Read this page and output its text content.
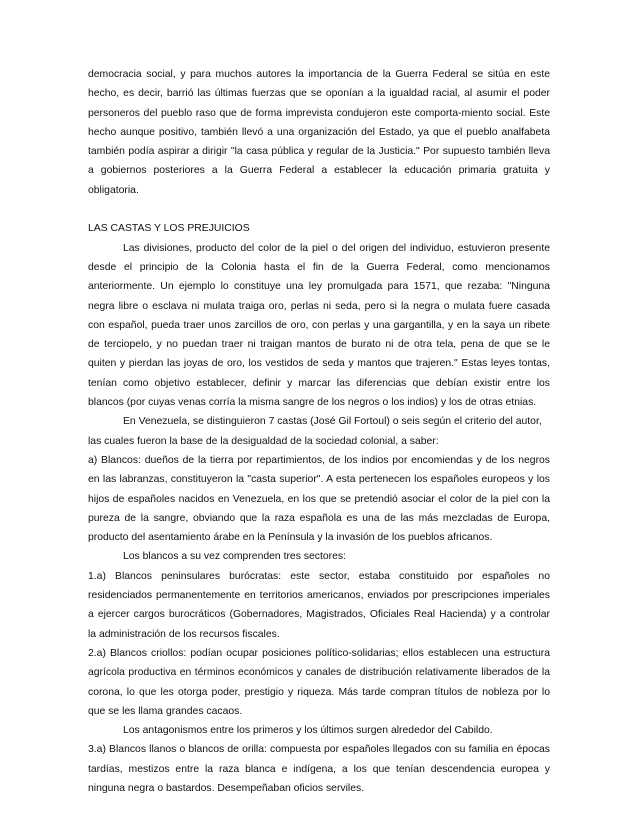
democracia social, y para muchos autores la importancia de la Guerra Federal se sitúa en este
hecho, es decir, barrió las últimas fuerzas que se oponían a la igualdad racial, al asumir el poder
personeros del pueblo raso que de forma imprevista condujeron este comporta-miento social. Este
hecho aunque positivo, también llevó a una organización del Estado, ya que el pueblo analfabeta
también podía aspirar a dirigir "la casa pública y regular de la Justicia." Por supuesto también lleva
a gobiernos posteriores a la Guerra Federal a establecer la educación primaria gratuita y
obligatoria.
LAS CASTAS Y LOS PREJUICIOS
Las divisiones, producto del color de la piel o del origen del individuo, estuvieron presente
desde el principio de la Colonia hasta el fin de la Guerra Federal, como mencionamos
anteriormente. Un ejemplo lo constituye una ley promulgada para 1571, que rezaba: "Ninguna
negra libre o esclava ni mulata traiga oro, perlas ni seda, pero si la negra o mulata fuere casada
con español, pueda traer unos zarcillos de oro, con perlas y una gargantilla, y en la saya un ribete
de terciopelo, y no puedan traer ni traigan mantos de burato ni de otra tela, pena de que se le
quiten y pierdan las joyas de oro, los vestidos de seda y mantos que trajeren." Estas leyes tontas,
tenían como objetivo establecer, definir y marcar las diferencias que debían existir entre los
blancos (por cuyas venas corría la misma sangre de los negros o los indios) y los de otras etnias.
En Venezuela, se distinguieron 7 castas (José Gil Fortoul) o seis según el criterio del autor,
las cuales fueron la base de la desigualdad de la sociedad colonial, a saber:
a) Blancos: dueños de la tierra por repartimientos, de los indios por encomiendas y de los negros
en las labranzas, constituyeron la "casta superior". A esta pertenecen los españoles europeos y los
hijos de españoles nacidos en Venezuela, en los que se pretendió asociar el color de la piel con la
pureza de la sangre, obviando que la raza española es una de las más mezcladas de Europa,
producto del asentamiento árabe en la Península y la invasión de los pueblos africanos.
Los blancos a su vez comprenden tres sectores:
1.a) Blancos peninsulares burócratas: este sector, estaba constituido por españoles no
residenciados permanentemente en territorios americanos, enviados por prescripciones imperiales
a ejercer cargos burocráticos (Gobernadores, Magistrados, Oficiales Real Hacienda) y a controlar
la administración de los recursos fiscales.
2.a) Blancos criollos: podían ocupar posiciones político-solidarias; ellos establecen una estructura
agrícola productiva en términos económicos y canales de distribución relativamente liberados de la
corona, lo que les otorga poder, prestigio y riqueza. Más tarde compran títulos de nobleza por lo
que se les llama grandes cacaos.
Los antagonismos entre los primeros y los últimos surgen alrededor del Cabildo.
3.a) Blancos llanos o blancos de orilla: compuesta por españoles llegados con su familia en épocas
tardías, mestizos entre la raza blanca e indígena, a los que tenían descendencia europea y
ninguna negra o bastardos. Desempeñaban oficios serviles.
